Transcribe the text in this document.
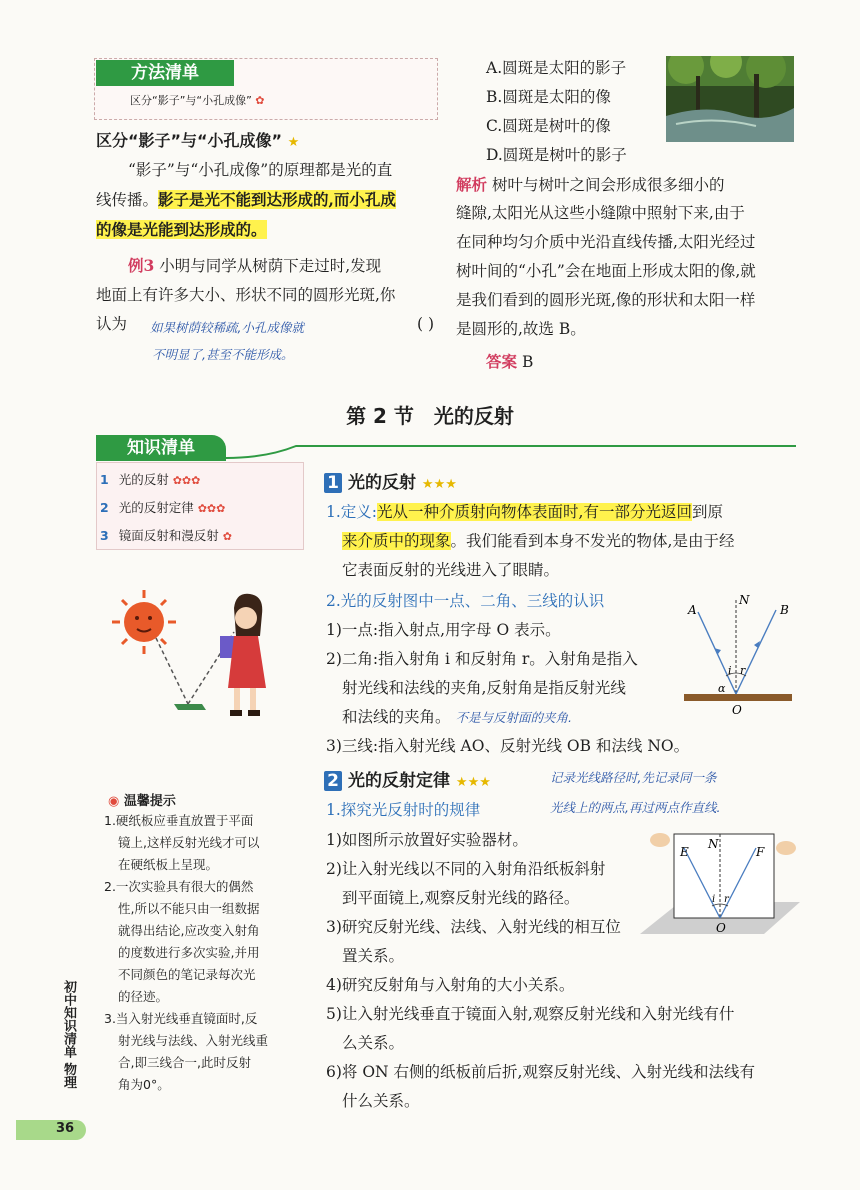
方法清单
区分“影子”与“小孔成像” ✿
区分“影子”与“小孔成像” ★
“影子”与“小孔成像”的原理都是光的直
线传播。影子是光不能到达形成的,而小孔成
的像是光能到达形成的。
例3 小明与同学从树荫下走过时,发现
地面上有许多大小、形状不同的圆形光斑,你
认为	( )
如果树荫较稀疏,小孔成像就
不明显了,甚至不能形成。
A.圆斑是太阳的影子
B.圆斑是太阳的像
C.圆斑是树叶的像
D.圆斑是树叶的影子
解析 树叶与树叶之间会形成很多细小的
缝隙,太阳光从这些小缝隙中照射下来,由于
在同种均匀介质中光沿直线传播,太阳光经过
树叶间的“小孔”会在地面上形成太阳的像,就
是我们看到的圆形光斑,像的形状和太阳一样
是圆形的,故选 B。
答案 B
第 2 节　光的反射
知识清单
1 光的反射 ✿✿✿
2 光的反射定律 ✿✿✿
3 镜面反射和漫反射 ✿
◉ 温馨提示
1.硬纸板应垂直放置于平面
镜上,这样反射光线才可以
在硬纸板上呈现。
2.一次实验具有很大的偶然
性,所以不能只由一组数据
就得出结论,应改变入射角
的度数进行多次实验,并用
不同颜色的笔记录每次光
的径迹。
3.当入射光线垂直镜面时,反
射光线与法线、入射光线重
合,即三线合一,此时反射
角为0°。
初中知识清单 物理
36
1 光的反射 ★★★
1.定义:光从一种介质射向物体表面时,有一部分光返回到原
来介质中的现象。我们能看到本身不发光的物体,是由于经
它表面反射的光线进入了眼睛。
2.光的反射图中一点、二角、三线的认识
1)一点:指入射点,用字母 O 表示。
2)二角:指入射角 i 和反射角 r。入射角是指入
射光线和法线的夹角,反射角是指反射光线
和法线的夹角。 不是与反射面的夹角.
3)三线:指入射光线 AO、反射光线 OB 和法线 NO。
A
N
B
i r
α
O
2 光的反射定律 ★★★	记录光线路径时,先记录同一条
光线上的两点,再过两点作直线.
1.探究光反射时的规律
1)如图所示放置好实验器材。
2)让入射光线以不同的入射角沿纸板斜射
到平面镜上,观察反射光线的路径。
3)研究反射光线、法线、入射光线的相互位
置关系。
4)研究反射角与入射角的大小关系。
5)让入射光线垂直于镜面入射,观察反射光线和入射光线有什
么关系。
6)将 ON 右侧的纸板前后折,观察反射光线、入射光线和法线有
什么关系。
E
N
F
i r
O
